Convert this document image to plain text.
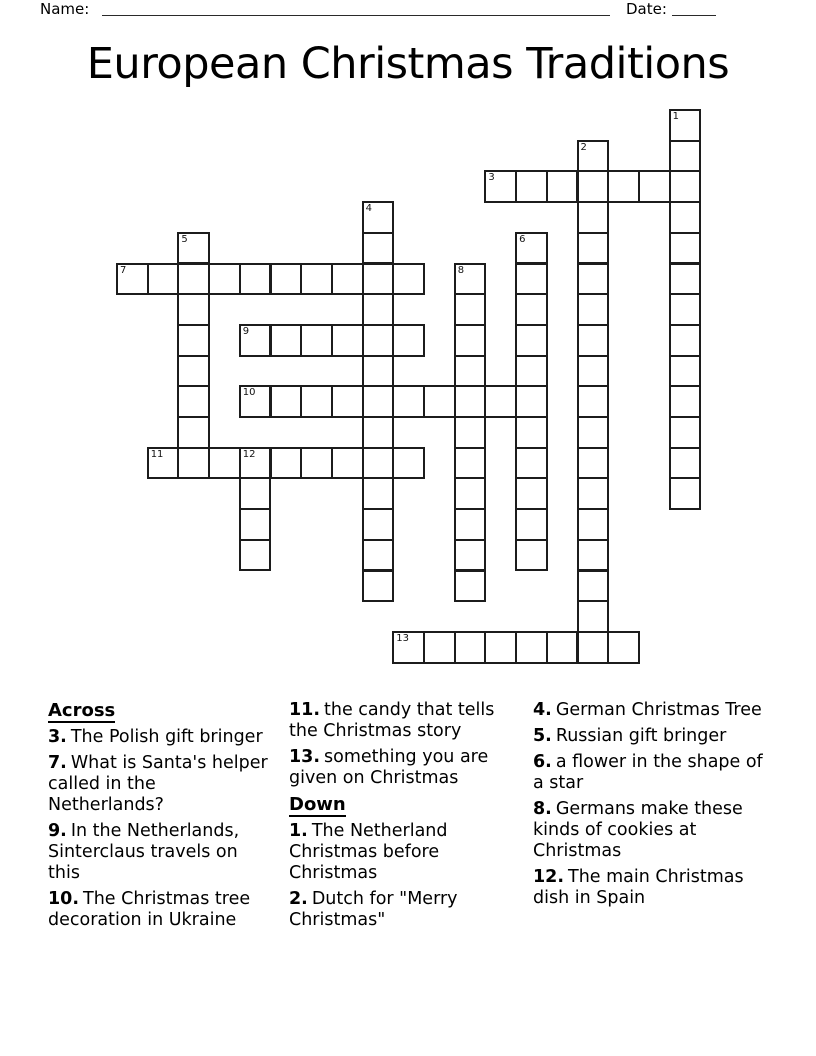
Name:	Date:
European Christmas Traditions
1
2
3
4
5	6
7	8
9
10
11	12
13
Across
3. The Polish gift bringer
7. What is Santa's helper called in the Netherlands?
9. In the Netherlands, Sinterclaus travels on this
10. The Christmas tree decoration in Ukraine
11. the candy that tells the Christmas story
13. something you are given on Christmas
Down
1. The Netherland Christmas before Christmas
2. Dutch for "Merry Christmas"
4. German Christmas Tree
5. Russian gift bringer
6. a flower in the shape of a star
8. Germans make these kinds of cookies at Christmas
12. The main Christmas dish in Spain
